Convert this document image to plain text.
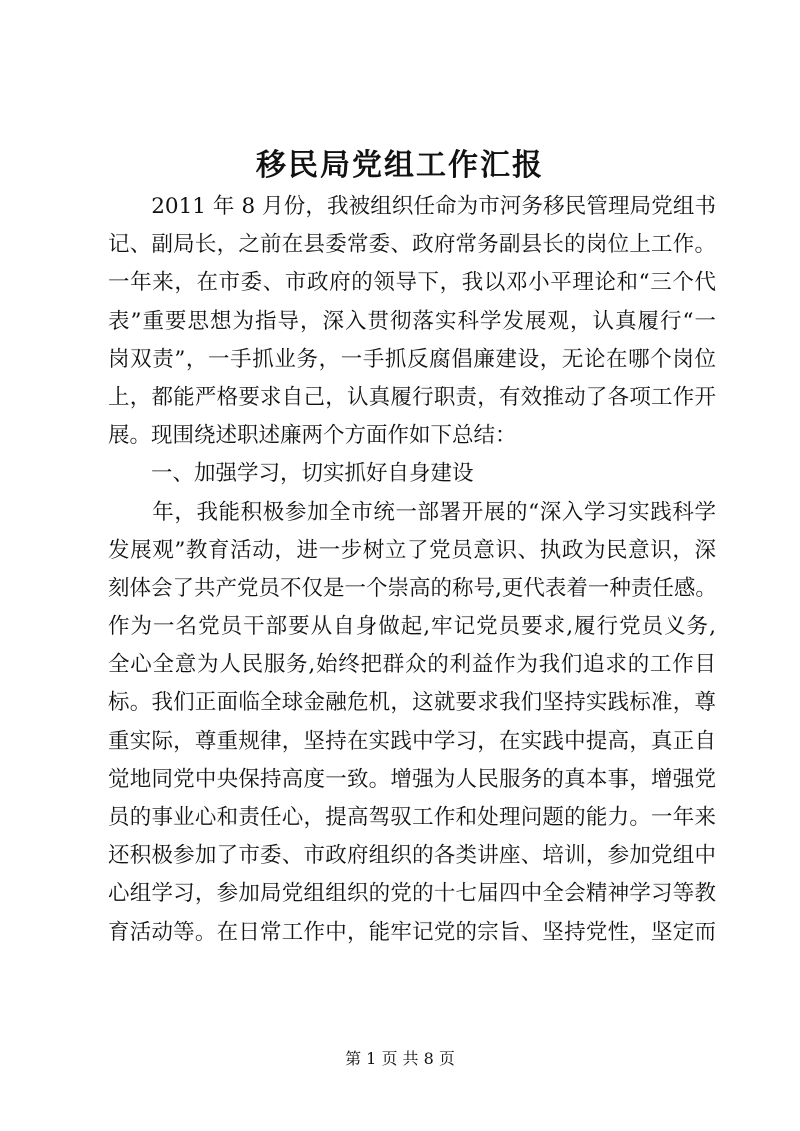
移民局党组工作汇报
　　2011 年 8 月份，我被组织任命为市河务移民管理局党组书
记、副局长，之前在县委常委、政府常务副县长的岗位上工作。
一年来，在市委、市政府的领导下，我以邓小平理论和“三个代
表”重要思想为指导，深入贯彻落实科学发展观，认真履行“一
岗双责”，一手抓业务，一手抓反腐倡廉建设，无论在哪个岗位
上，都能严格要求自己，认真履行职责，有效推动了各项工作开
展。现围绕述职述廉两个方面作如下总结：
　　一、加强学习，切实抓好自身建设
　　年，我能积极参加全市统一部署开展的“深入学习实践科学
发展观”教育活动，进一步树立了党员意识、执政为民意识，深
刻体会了共产党员不仅是一个崇高的称号,更代表着一种责任感。
作为一名党员干部要从自身做起,牢记党员要求,履行党员义务,
全心全意为人民服务,始终把群众的利益作为我们追求的工作目
标。我们正面临全球金融危机，这就要求我们坚持实践标准，尊
重实际，尊重规律，坚持在实践中学习，在实践中提高，真正自
觉地同党中央保持高度一致。增强为人民服务的真本事，增强党
员的事业心和责任心，提高驾驭工作和处理问题的能力。一年来
还积极参加了市委、市政府组织的各类讲座、培训，参加党组中
心组学习，参加局党组组织的党的十七届四中全会精神学习等教
育活动等。在日常工作中，能牢记党的宗旨、坚持党性，坚定而

第 1 页 共 8 页
